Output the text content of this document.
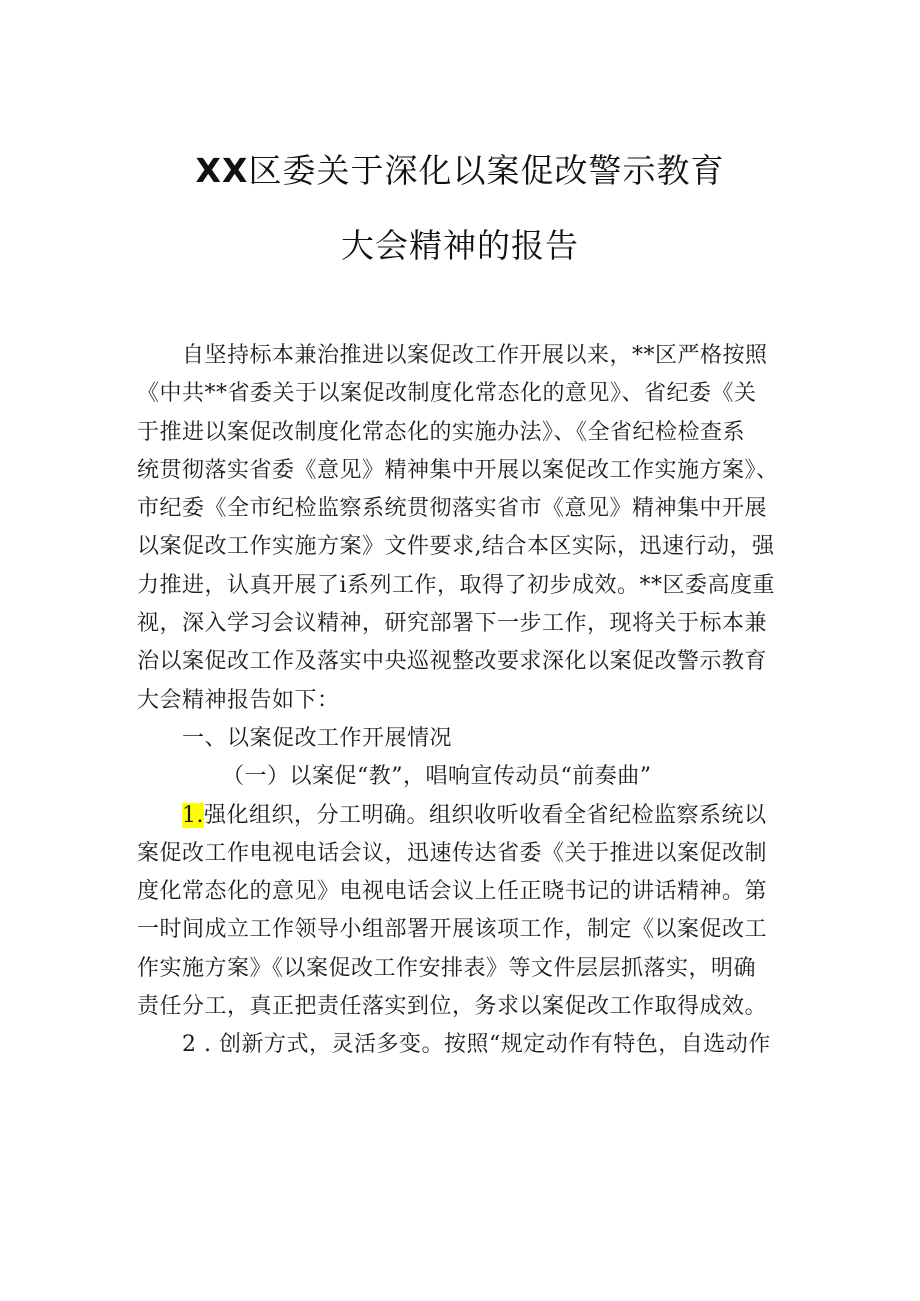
XX区委关于深化以案促改警示教育
大会精神的报告
自坚持标本兼治推进以案促改工作开展以来，**区严格按照
《中共**省委关于以案促改制度化常态化的意见》、省纪委《关
于推进以案促改制度化常态化的实施办法》、《全省纪检检查系
统贯彻落实省委《意见》精神集中开展以案促改工作实施方案》、
市纪委《全市纪检监察系统贯彻落实省市《意见》精神集中开展
以案促改工作实施方案》文件要求,结合本区实际，迅速行动，强
力推进，认真开展了i系列工作，取得了初步成效。**区委高度重
视，深入学习会议精神，研究部署下一步工作，现将关于标本兼
治以案促改工作及落实中央巡视整改要求深化以案促改警示教育
大会精神报告如下：
一、以案促改工作开展情况
（一）以案促“教”，唱响宣传动员“前奏曲”
1.强化组织，分工明确。组织收听收看全省纪检监察系统以
案促改工作电视电话会议，迅速传达省委《关于推进以案促改制
度化常态化的意见》电视电话会议上任正晓书记的讲话精神。第
一时间成立工作领导小组部署开展该项工作，制定《以案促改工
作实施方案》《以案促改工作安排表》等文件层层抓落实，明确
责任分工，真正把责任落实到位，务求以案促改工作取得成效。
2 . 创新方式，灵活多变。按照“规定动作有特色，自选动作
